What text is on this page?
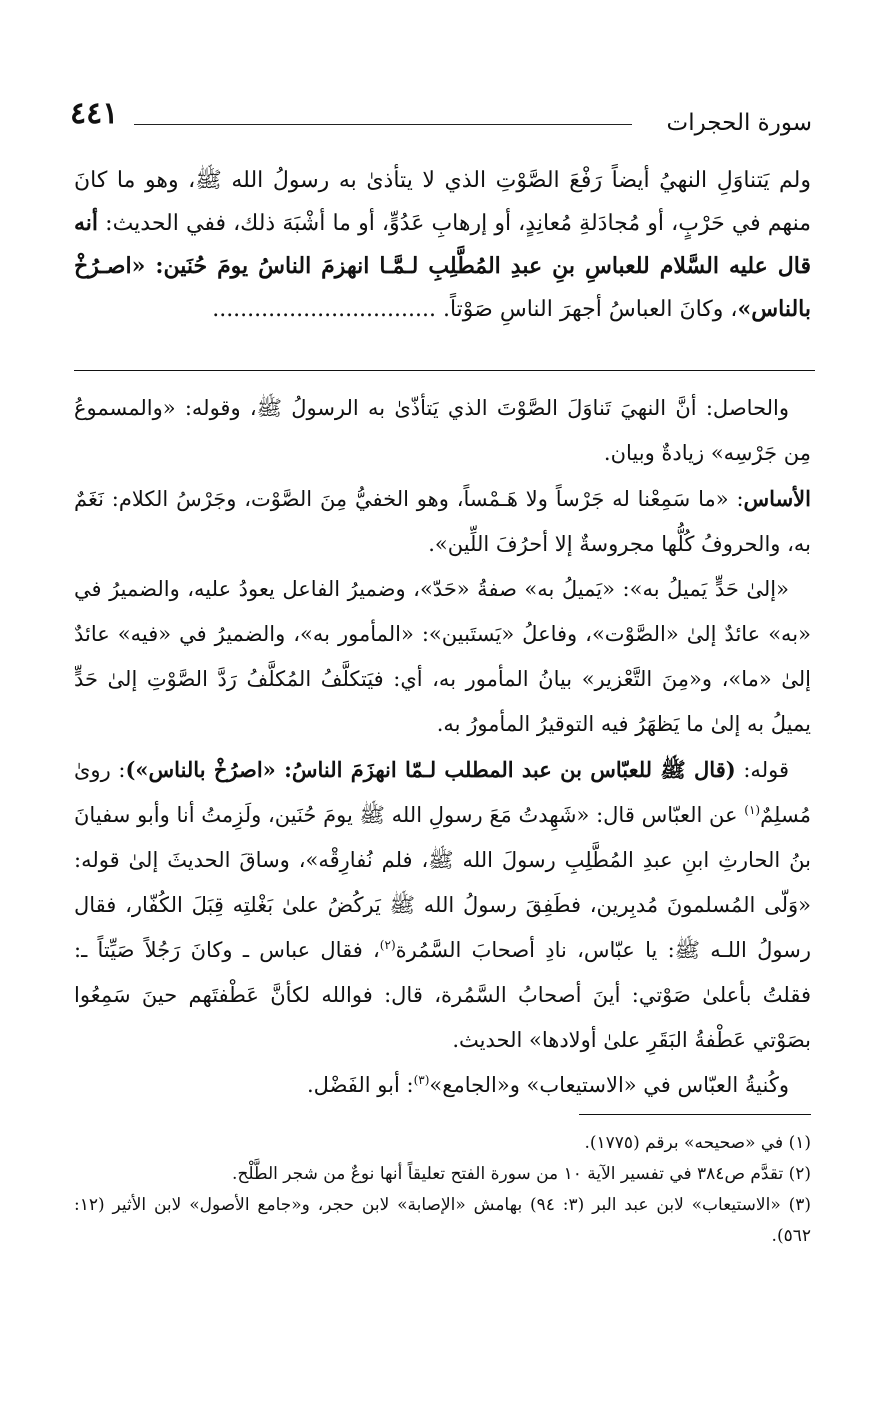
٤٤١	سورة الحجرات
ولم يَتناوَلِ النهيُ أيضاً رَفْعَ الصَّوْتِ الذي لا يتأذىٰ به رسولُ الله ﷺ، وهو ما كانَ منهم في حَرْبٍ، أو مُجادَلةِ مُعانِدٍ، أو إرهابِ عَدُوٍّ، أو ما أشْبَهَ ذلك، ففي الحديث: أنه قال عليه السَّلام للعباسِ بنِ عبدِ المُطَّلِبِ لـمَّـا انهزمَ الناسُ يومَ حُنَين: «اصـرُخْ بالناس»، وكانَ العباسُ أجهرَ الناسِ صَوْتاً. ................................

والحاصل: أنَّ النهيَ تَناوَلَ الصَّوْتَ الذي يَتأذّىٰ به الرسولُ ﷺ، وقوله: «والمسموعُ مِن جَرْسِه» زيادةٌ وبيان.

الأساس: «ما سَمِعْنا له جَرْساً ولا هَـمْساً، وهو الخفيُّ مِنَ الصَّوْت، وجَرْسُ الكلام: نَغَمٌ به، والحروفُ كُلُّها مجروسةٌ إلا أحرُفَ اللِّين».

«إلىٰ حَدٍّ يَميلُ به»: «يَميلُ به» صفةُ «حَدّ»، وضميرُ الفاعل يعودُ عليه، والضميرُ في «به» عائدٌ إلىٰ «الصَّوْت»، وفاعلُ «يَستَبين»: «المأمور به»، والضميرُ في «فيه» عائدٌ إلىٰ «ما»، و«مِنَ التَّعْزير» بيانُ المأمور به، أي: فيَتكلَّفُ المُكلَّفُ رَدَّ الصَّوْتِ إلىٰ حَدٍّ يميلُ به إلىٰ ما يَظهَرُ فيه التوقيرُ المأمورُ به.

قوله: (قال ﷺ للعبّاس بن عبد المطلب لـمّا انهزَمَ الناسُ: «اصرُخْ بالناس»): روىٰ مُسلِمٌ$^{(١)}$ عن العبّاس قال: «شَهِدتُ مَعَ رسولِ الله ﷺ يومَ حُنَين، ولَزِمتُ أنا وأبو سفيانَ بنُ الحارثِ ابنِ عبدِ المُطَّلِبِ رسولَ الله ﷺ، فلم نُفارِقْه»، وساقَ الحديثَ إلىٰ قوله: «وَلّى المُسلمونَ مُدبِرين، فطَفِقَ رسولُ الله ﷺ يَركُضُ علىٰ بَغْلتِه قِبَلَ الكُفّار، فقال رسولُ اللـه ﷺ: يا عبّاس، نادِ أصحابَ السَّمُرة$^{(٢)}$، فقال عباس ـ وكانَ رَجُلاً صَيِّتاً ـ: فقلتُ بأعلىٰ صَوْتي: أينَ أصحابُ السَّمُرة، قال: فوالله لكأنَّ عَطْفتَهم حينَ سَمِعُوا بصَوْتي عَطْفةُ البَقَرِ علىٰ أولادها» الحديث.

وكُنيةُ العبّاس في «الاستيعاب» و«الجامع»$^{(٣)}$: أبو الفَضْل.

(١) في «صحيحه» برقم (١٧٧٥).

(٢) تقدَّم ص٣٨٤ في تفسير الآية ١٠ من سورة الفتح تعليقاً أنها نوعٌ من شجر الطَّلْح.

(٣) «الاستيعاب» لابن عبد البر (٣: ٩٤) بهامش «الإصابة» لابن حجر، و«جامع الأصول» لابن الأثير (١٢: ٥٦٢).
